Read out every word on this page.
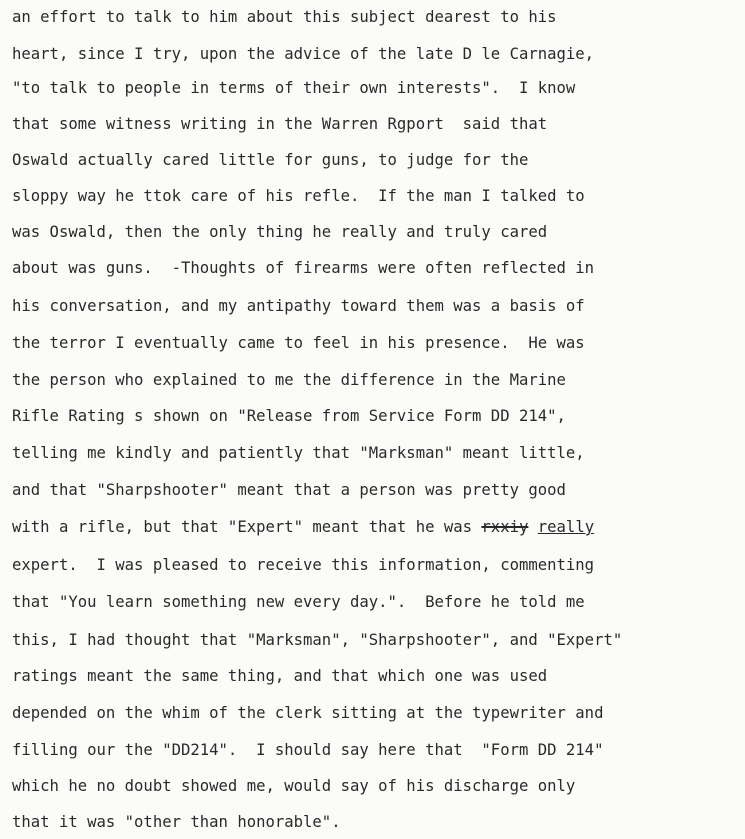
an effort to talk to him about this subject dearest to his
heart, since I try, upon the advice of the late D le Carnagie,
"to talk to people in terms of their own interests".  I know
that some witness writing in the Warren Rgport  said that
Oswald actually cared little for guns, to judge for the
sloppy way he ttok care of his refle.  If the man I talked to
was Oswald, then the only thing he really and truly cared
about was guns.  -Thoughts of firearms were often reflected in
his conversation, and my antipathy toward them was a basis of
the terror I eventually came to feel in his presence.  He was
the person who explained to me the difference in the Marine
Rifle Rating s shown on "Release from Service Form DD 214",
telling me kindly and patiently that "Marksman" meant little,
and that "Sharpshooter" meant that a person was pretty good
with a rifle, but that "Expert" meant that he was rxxiy really
expert.  I was pleased to receive this information, commenting
that "You learn something new every day.".  Before he told me
this, I had thought that "Marksman", "Sharpshooter", and "Expert"
ratings meant the same thing, and that which one was used
depended on the whim of the clerk sitting at the typewriter and
filling our the "DD214".  I should say here that  "Form DD 214"
which he no doubt showed me, would say of his discharge only
that it was "other than honorable".
